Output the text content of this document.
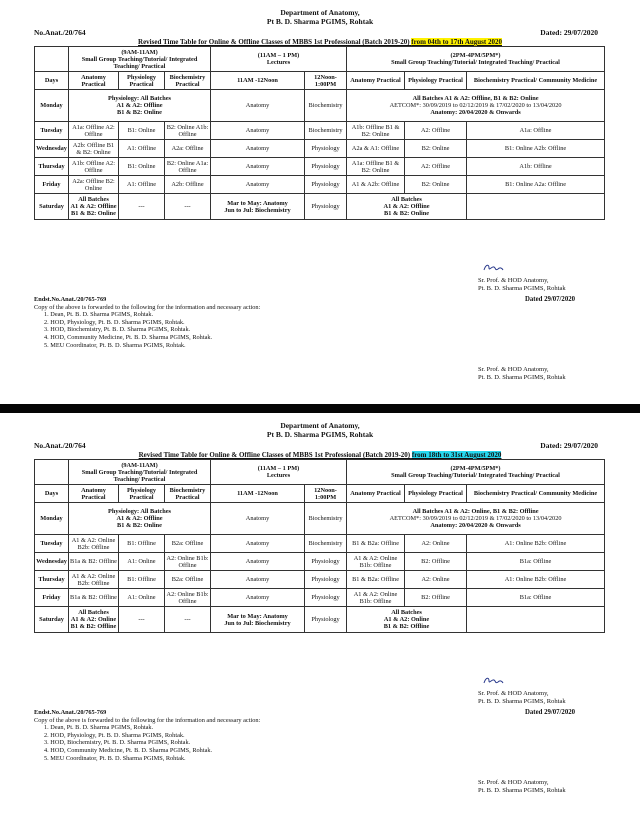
Department of Anatomy,
Pt B. D. Sharma PGIMS, Rohtak
No.Anat./20/764	Dated: 29/07/2020
Revised Time Table for Online & Offline Classes of MBBS 1st Professional (Batch 2019-20) from 04th to 17th August 2020
	(9AM-11AM)
Small Group Teaching/Tutorial/ Integrated Teaching/ Practical			(11AM – 1 PM)
Lectures		(2PM-4PM/5PM*)
Small Group Teaching/Tutorial/ Integrated Teaching/ Practical		
Days	Anatomy Practical	Physiology Practical	Biochemistry Practical	11AM -12Noon	12Noon-1:00PM	Anatomy Practical	Physiology Practical	Biochemistry Practical/ Community Medicine
Monday	Physiology: All Batches
A1 & A2: Offline
B1 & B2: Online			Anatomy	Biochemistry	All Batches A1 & A2: Offline, B1 & B2: Online
AETCOM*: 30/09/2019 to 02/12/2019 & 17/02/2020 to 13/04/2020
Anatomy: 20/04/2020 & Onwards		
Tuesday	A1a: Offline A2: Offline	B1: Online	B2: Online A1b: Offline	Anatomy	Biochemistry	A1b: Offline B1 & B2: Online	A2: Offline	A1a: Offline
Wednesday	A2b: Offline B1 & B2: Online	A1: Offline	A2a: Offline	Anatomy	Physiology	A2a & A1: Offline	B2: Online	B1: Online A2b: Offline
Thursday	A1b: Offline A2: Offline	B1: Online	B2: Online A1a: Offline	Anatomy	Physiology	A1a: Offline B1 & B2: Online	A2: Offline	A1b: Offline
Friday	A2a: Offline B2: Online	A1: Offline	A2b: Offline	Anatomy	Physiology	A1 & A2b: Offline	B2: Online	B1: Online A2a: Offline
Saturday	All Batches
A1 & A2: Offline
B1 & B2: Online	---	---	Mar to May: Anatomy
Jun to Jul: Biochemistry	Physiology	All Batches
A1 & A2: Offline
B1 & B2: Online		
Sr. Prof. & HOD Anatomy,
Pt. B. D. Sharma PGIMS, Rohtak
Dated 29/07/2020
Endst.No.Anat./20/765-769
Copy of the above is forwarded to the following for the information and necessary action:
1. Dean, Pt. B. D. Sharma PGIMS, Rohtak.
2. HOD, Physiology, Pt. B. D. Sharma PGIMS, Rohtak.
3. HOD, Biochemistry, Pt. B. D. Sharma PGIMS, Rohtak.
4. HOD, Community Medicine, Pt. B. D. Sharma PGIMS, Rohtak.
5. MEU Coordinator, Pt. B. D. Sharma PGIMS, Rohtak.
Sr. Prof. & HOD Anatomy,
Pt. B. D. Sharma PGIMS, Rohtak
Department of Anatomy,
Pt B. D. Sharma PGIMS, Rohtak
No.Anat./20/764	Dated: 29/07/2020
Revised Time Table for Online & Offline Classes of MBBS 1st Professional (Batch 2019-20) from 18th to 31st August 2020
	(9AM-11AM)
Small Group Teaching/Tutorial/ Integrated Teaching/ Practical			(11AM – 1 PM)
Lectures		(2PM-4PM/5PM*)
Small Group Teaching/Tutorial/ Integrated Teaching/ Practical		
Days	Anatomy Practical	Physiology Practical	Biochemistry Practical	11AM -12Noon	12Noon-1:00PM	Anatomy Practical	Physiology Practical	Biochemistry Practical/ Community Medicine
Monday	Physiology: All Batches
A1 & A2: Offline
B1 & B2: Online			Anatomy	Biochemistry	All Batches A1 & A2: Online, B1 & B2: Offline
AETCOM*: 30/09/2019 to 02/12/2019 & 17/02/2020 to 13/04/2020
Anatomy: 20/04/2020 & Onwards		
Tuesday	A1 & A2: Online B2b: Offline	B1: Offline	B2a: Offline	Anatomy	Biochemistry	B1 & B2a: Offline	A2: Online	A1: Online B2b: Offline
Wednesday	B1a & B2: Offline	A1: Online	A2: Online B1b: Offline	Anatomy	Physiology	A1 & A2: Online B1b: Offline	B2: Offline	B1a: Offline
Thursday	A1 & A2: Online B2b: Offline	B1: Offline	B2a: Offline	Anatomy	Physiology	B1 & B2a: Offline	A2: Online	A1: Online B2b: Offline
Friday	B1a & B2: Offline	A1: Online	A2: Online B1b: Offline	Anatomy	Physiology	A1 & A2: Online B1b: Offline	B2: Offline	B1a: Offline
Saturday	All Batches
A1 & A2: Online
B1 & B2: Offline	---	---	Mar to May: Anatomy
Jun to Jul: Biochemistry	Physiology	All Batches
A1 & A2: Online
B1 & B2: Offline		
Sr. Prof. & HOD Anatomy,
Pt. B. D. Sharma PGIMS, Rohtak
Dated 29/07/2020
Endst.No.Anat./20/765-769
Copy of the above is forwarded to the following for the information and necessary action:
1. Dean, Pt. B. D. Sharma PGIMS, Rohtak.
2. HOD, Physiology, Pt. B. D. Sharma PGIMS, Rohtak.
3. HOD, Biochemistry, Pt. B. D. Sharma PGIMS, Rohtak.
4. HOD, Community Medicine, Pt. B. D. Sharma PGIMS, Rohtak.
5. MEU Coordinator, Pt. B. D. Sharma PGIMS, Rohtak.
Sr. Prof. & HOD Anatomy,
Pt. B. D. Sharma PGIMS, Rohtak
